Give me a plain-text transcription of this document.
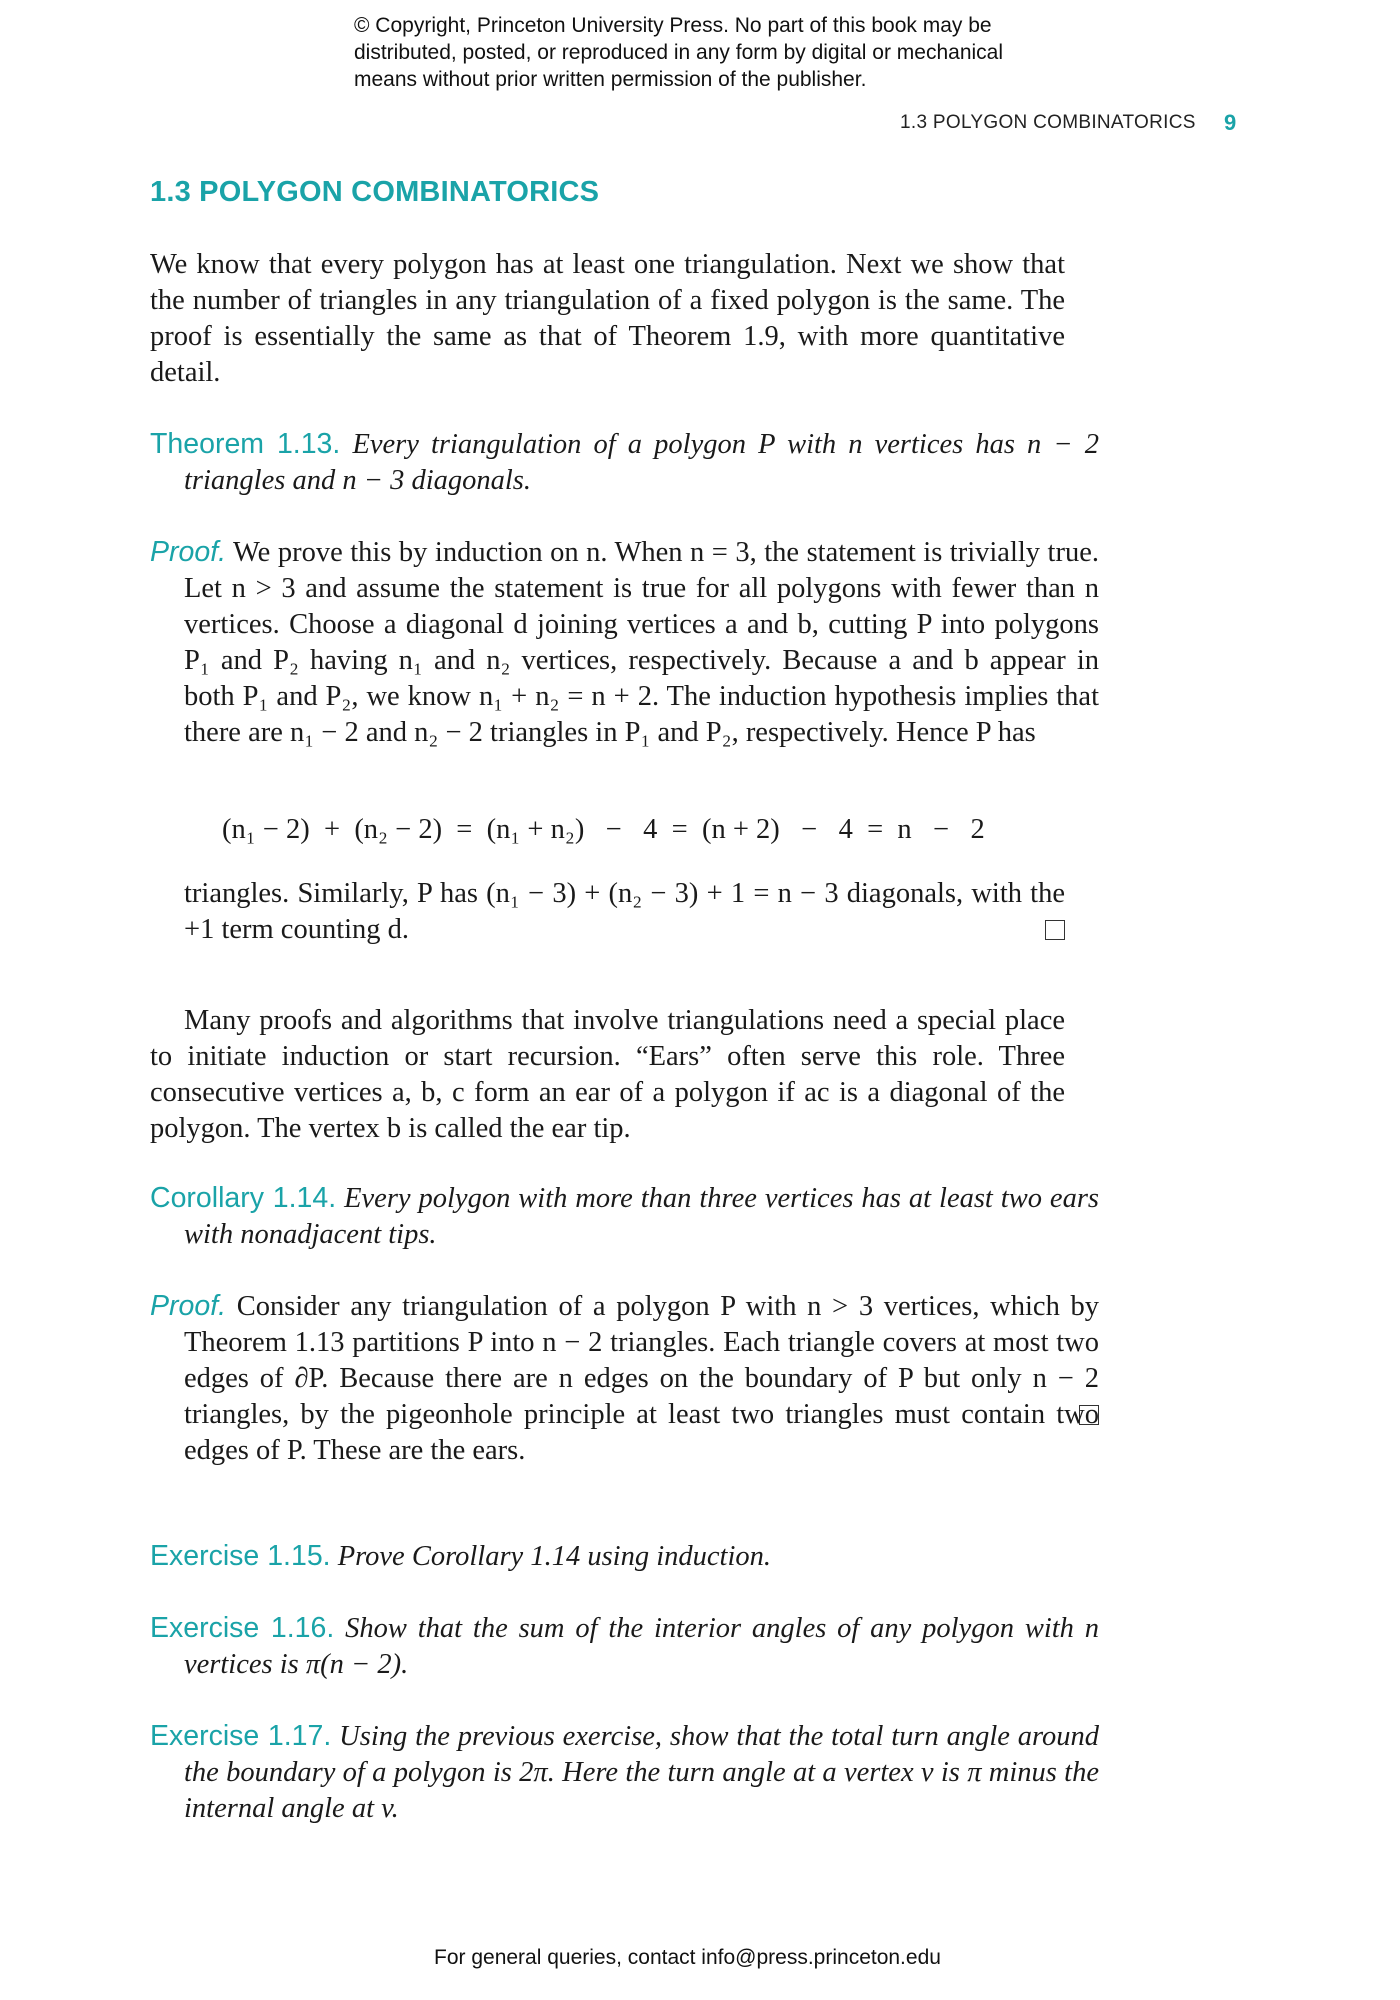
© Copyright, Princeton University Press. No part of this book may be
distributed, posted, or reproduced in any form by digital or mechanical
means without prior written permission of the publisher.
1.3 POLYGON COMBINATORICS 9
1.3 POLYGON COMBINATORICS
We know that every polygon has at least one triangulation. Next we show that the number of triangles in any triangulation of a fixed polygon is the same. The proof is essentially the same as that of Theorem 1.9, with more quantitative detail.
Theorem 1.13. Every triangulation of a polygon P with n vertices has n − 2 triangles and n − 3 diagonals.
Proof. We prove this by induction on n. When n = 3, the statement is trivially true. Let n > 3 and assume the statement is true for all polygons with fewer than n vertices. Choose a diagonal d joining vertices a and b, cutting P into polygons P₁ and P₂ having n₁ and n₂ vertices, respectively. Because a and b appear in both P₁ and P₂, we know n₁ + n₂ = n + 2. The induction hypothesis implies that there are n₁ − 2 and n₂ − 2 triangles in P₁ and P₂, respectively. Hence P has
(n₁ − 2)  +  (n₂ − 2)  =  (n₁ + n₂)   −   4  =  (n + 2)   −   4  =  n   −   2
triangles. Similarly, P has (n₁ − 3) + (n₂ − 3) + 1 = n − 3 diagonals, with the +1 term counting d.
Many proofs and algorithms that involve triangulations need a special place to initiate induction or start recursion. “Ears” often serve this role. Three consecutive vertices a, b, c form an ear of a polygon if ac is a diagonal of the polygon. The vertex b is called the ear tip.
Corollary 1.14. Every polygon with more than three vertices has at least two ears with nonadjacent tips.
Proof. Consider any triangulation of a polygon P with n > 3 vertices, which by Theorem 1.13 partitions P into n − 2 triangles. Each triangle covers at most two edges of ∂P. Because there are n edges on the boundary of P but only n − 2 triangles, by the pigeonhole principle at least two triangles must contain two edges of P. These are the ears.
Exercise 1.15. Prove Corollary 1.14 using induction.
Exercise 1.16. Show that the sum of the interior angles of any polygon with n vertices is π(n − 2).
Exercise 1.17. Using the previous exercise, show that the total turn angle around the boundary of a polygon is 2π. Here the turn angle at a vertex v is π minus the internal angle at v.
For general queries, contact info@press.princeton.edu
